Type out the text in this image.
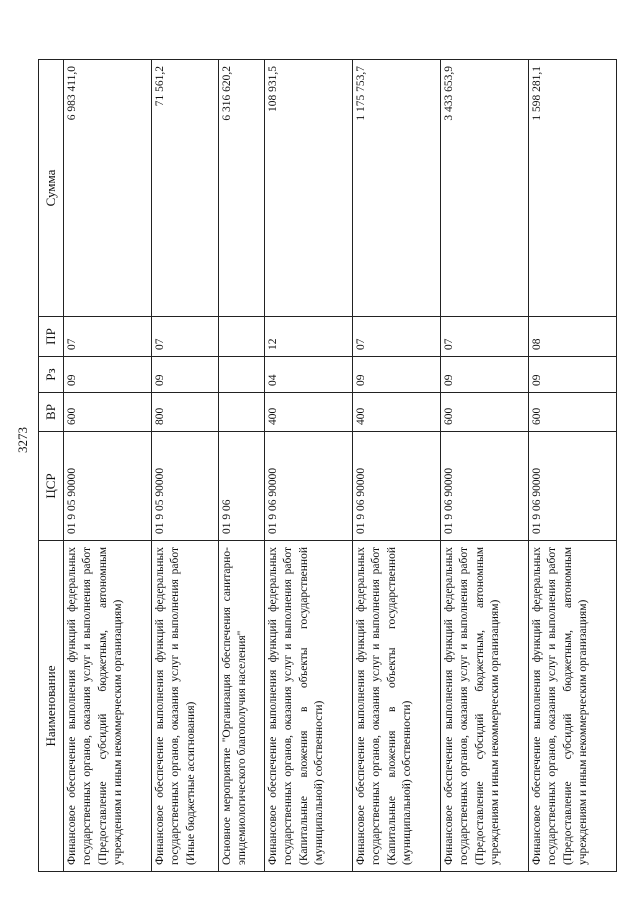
3273
Наименование	ЦСР	ВР	Рз	ПР	Сумма
Финансовое обеспечение выполнения функций федеральных государственных органов, оказания услуг и выполнения работ (Предоставление субсидий бюджетным, автономным учреждениям и иным некоммерческим организациям)	01 9 05 90000	600	09	07	6 983 411,0
Финансовое обеспечение выполнения функций федеральных государственных органов, оказания услуг и выполнения работ (Иные бюджетные ассигнования)	01 9 05 90000	800	09	07	71 561,2
Основное мероприятие "Организация обеспечения санитарно-эпидемиологического благополучия населения"	01 9 06				6 316 620,2
Финансовое обеспечение выполнения функций федеральных государственных органов, оказания услуг и выполнения работ (Капитальные вложения в объекты государственной (муниципальной) собственности)	01 9 06 90000	400	04	12	108 931,5
Финансовое обеспечение выполнения функций федеральных государственных органов, оказания услуг и выполнения работ (Капитальные вложения в объекты государственной (муниципальной) собственности)	01 9 06 90000	400	09	07	1 175 753,7
Финансовое обеспечение выполнения функций федеральных государственных органов, оказания услуг и выполнения работ (Предоставление субсидий бюджетным, автономным учреждениям и иным некоммерческим организациям)	01 9 06 90000	600	09	07	3 433 653,9
Финансовое обеспечение выполнения функций федеральных государственных органов, оказания услуг и выполнения работ (Предоставление субсидий бюджетным, автономным учреждениям и иным некоммерческим организациям)	01 9 06 90000	600	09	08	1 598 281,1
